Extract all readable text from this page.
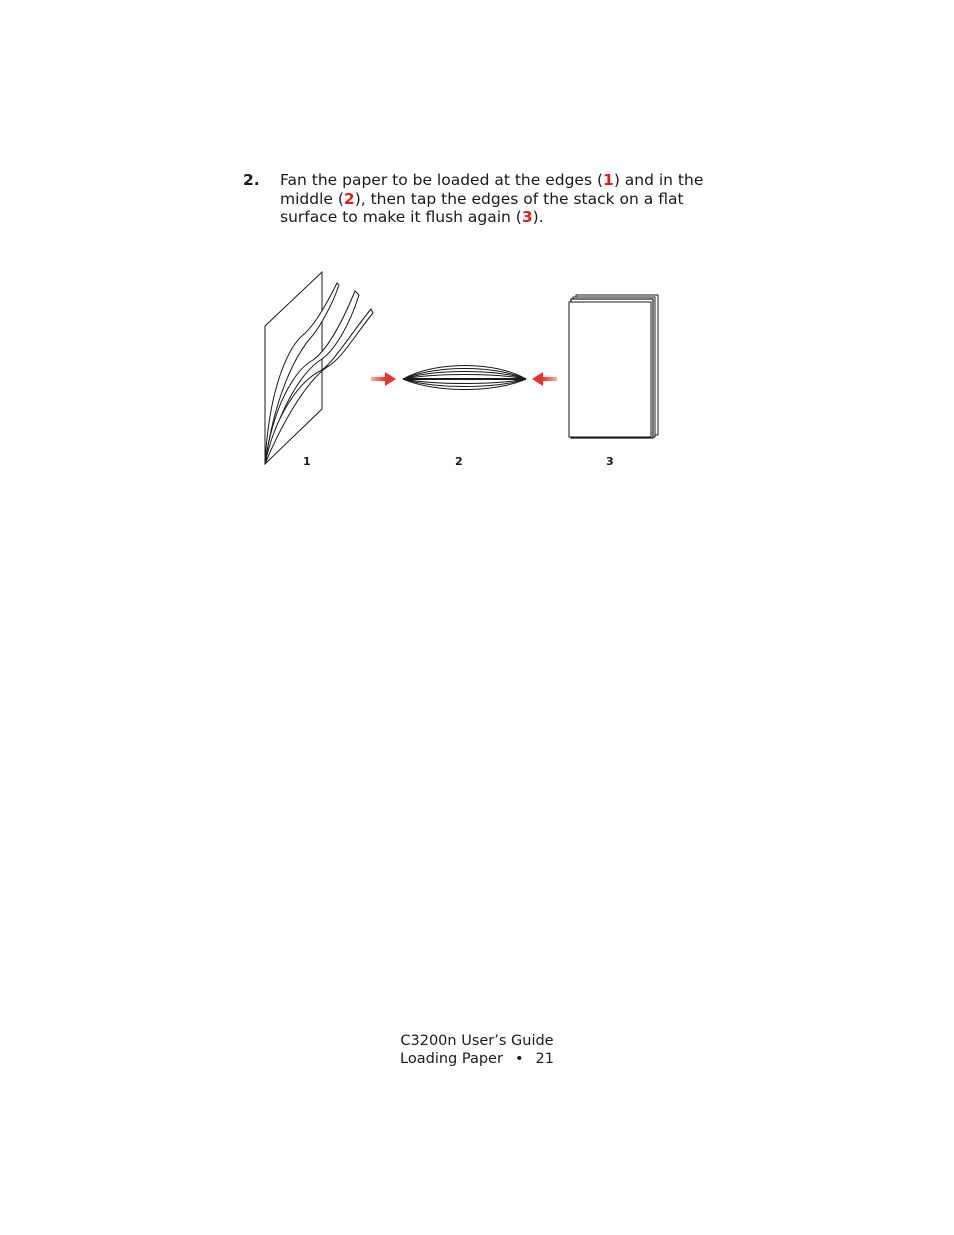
2. Fan the paper to be loaded at the edges (1) and in the middle (2), then tap the edges of the stack on a flat surface to make it flush again (3).
1	2	3
C3200n User’s Guide
Loading Paper • 21
